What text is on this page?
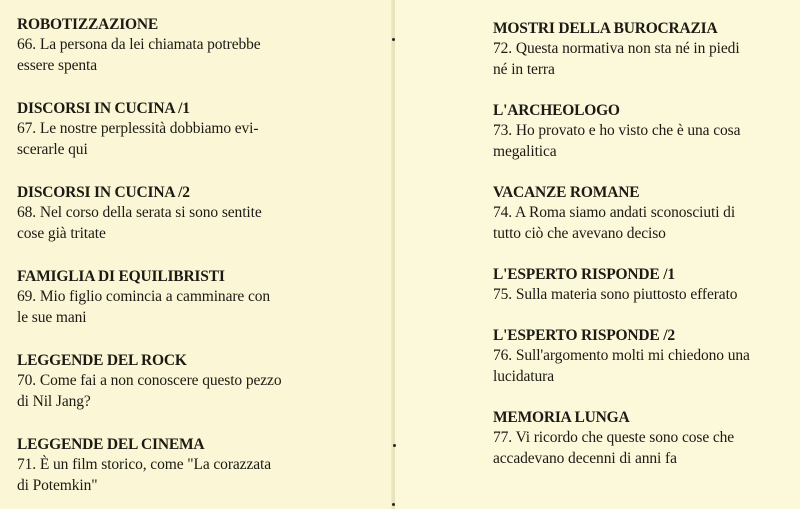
ROBOTIZZAZIONE
66. La persona da lei chiamata potrebbe
essere spenta
DISCORSI IN CUCINA /1
67. Le nostre perplessità dobbiamo evi-
scerarle qui
DISCORSI IN CUCINA /2
68. Nel corso della serata si sono sentite
cose già tritate
FAMIGLIA DI EQUILIBRISTI
69. Mio figlio comincia a camminare con
le sue mani
LEGGENDE DEL ROCK
70. Come fai a non conoscere questo pezzo
di Nil Jang?
LEGGENDE DEL CINEMA
71. È un film storico, come "La corazzata
di Potemkin"
MOSTRI DELLA BUROCRAZIA
72. Questa normativa non sta né in piedi
né in terra
L'ARCHEOLOGO
73. Ho provato e ho visto che è una cosa
megalitica
VACANZE ROMANE
74. A Roma siamo andati sconosciuti di
tutto ciò che avevano deciso
L'ESPERTO RISPONDE /1
75. Sulla materia sono piuttosto efferato
L'ESPERTO RISPONDE /2
76. Sull'argomento molti mi chiedono una
lucidatura
MEMORIA LUNGA
77. Vi ricordo che queste sono cose che
accadevano decenni di anni fa
